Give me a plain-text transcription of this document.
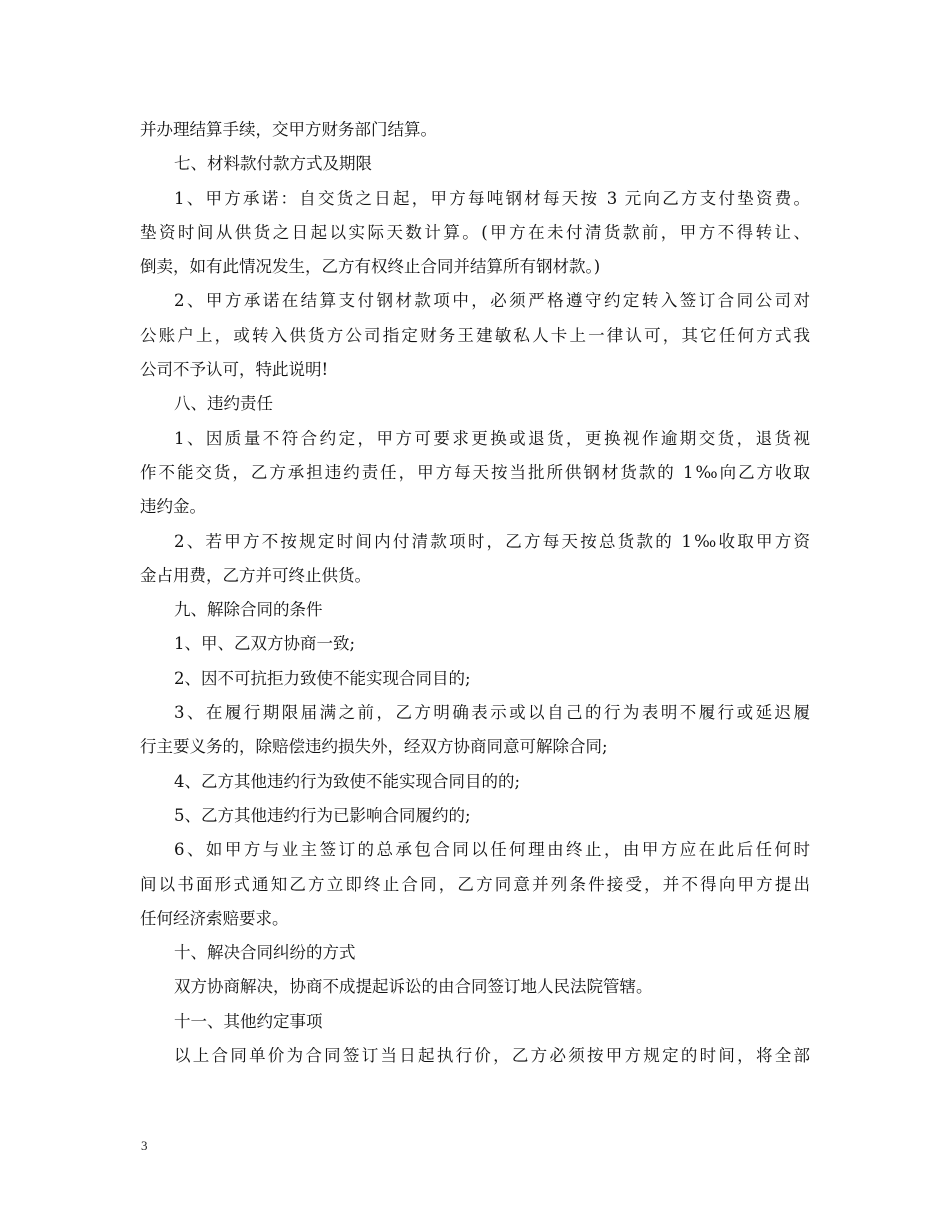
并办理结算手续，交甲方财务部门结算。
七、材料款付款方式及期限
1、甲方承诺：自交货之日起，甲方每吨钢材每天按 3 元向乙方支付垫资费。
垫资时间从供货之日起以实际天数计算。(甲方在未付清货款前，甲方不得转让、
倒卖，如有此情况发生，乙方有权终止合同并结算所有钢材款。)
2、甲方承诺在结算支付钢材款项中，必须严格遵守约定转入签订合同公司对
公账户上，或转入供货方公司指定财务王建敏私人卡上一律认可，其它任何方式我
公司不予认可，特此说明!
八、违约责任
1、因质量不符合约定，甲方可要求更换或退货，更换视作逾期交货，退货视
作不能交货，乙方承担违约责任，甲方每天按当批所供钢材货款的 1‰向乙方收取
违约金。
2、若甲方不按规定时间内付清款项时，乙方每天按总货款的 1‰收取甲方资
金占用费，乙方并可终止供货。
九、解除合同的条件
1、甲、乙双方协商一致;
2、因不可抗拒力致使不能实现合同目的;
3、在履行期限届满之前，乙方明确表示或以自己的行为表明不履行或延迟履
行主要义务的，除赔偿违约损失外，经双方协商同意可解除合同;
4、乙方其他违约行为致使不能实现合同目的的;
5、乙方其他违约行为已影响合同履约的;
6、如甲方与业主签订的总承包合同以任何理由终止，由甲方应在此后任何时
间以书面形式通知乙方立即终止合同，乙方同意并列条件接受，并不得向甲方提出
任何经济索赔要求。
十、解决合同纠纷的方式
双方协商解决，协商不成提起诉讼的由合同签订地人民法院管辖。
十一、其他约定事项
以上合同单价为合同签订当日起执行价，乙方必须按甲方规定的时间，将全部
3
